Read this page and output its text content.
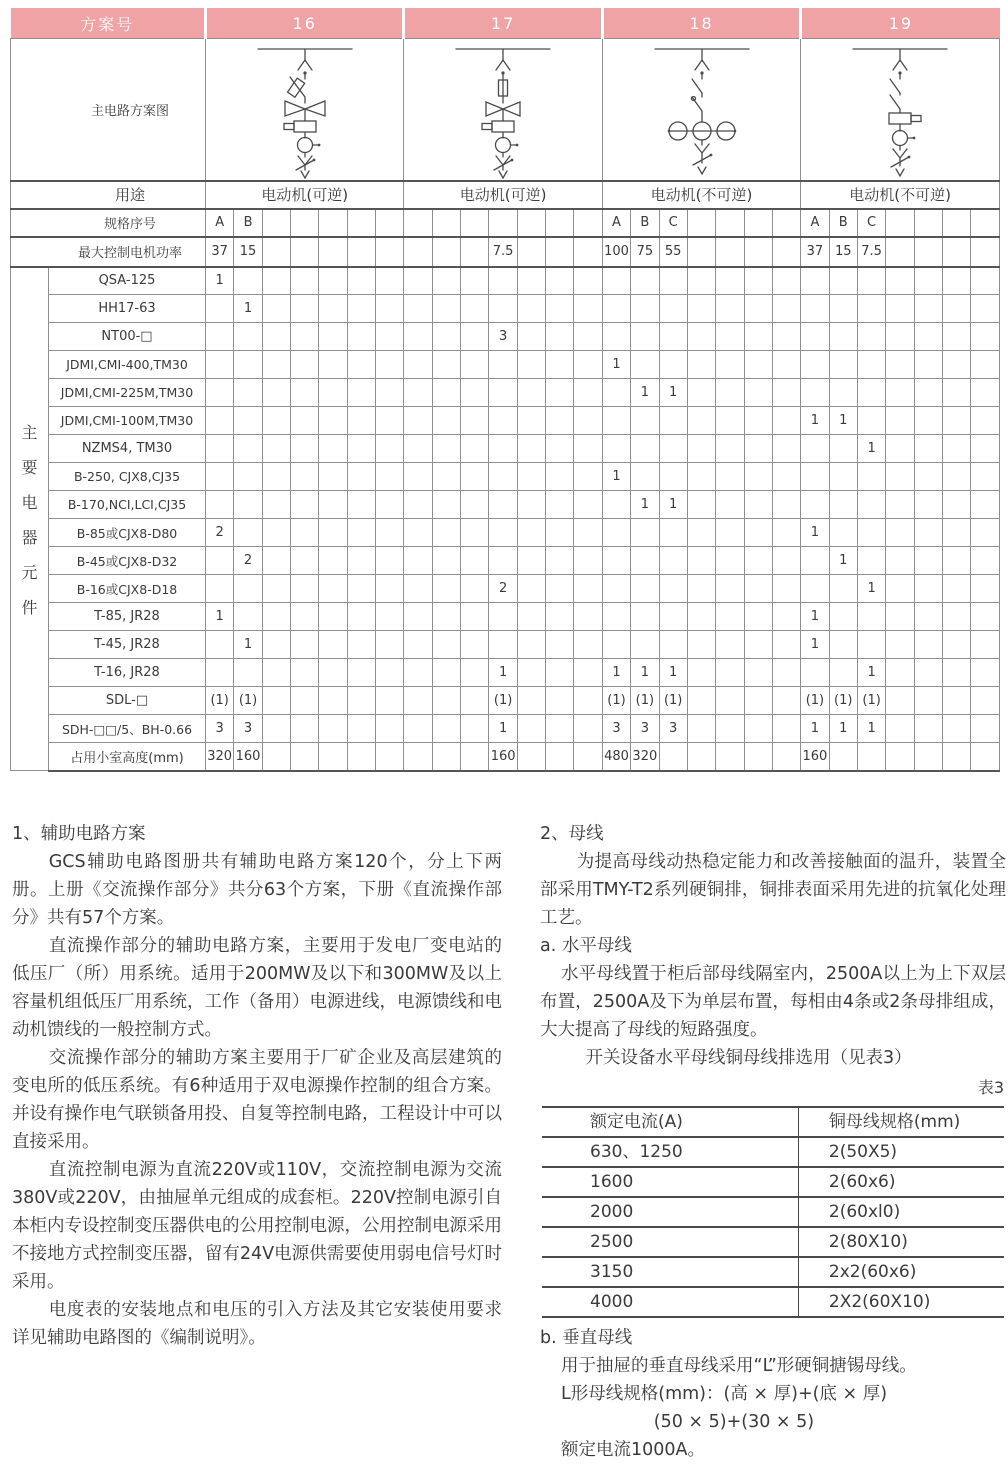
方案号		16							17							18							19						
主电路方案图	

用途		电动机(可逆)							电动机(可逆)							电动机(不可逆)							电动机(不可逆)						
规格序号		A	B													A	B	C					A	B	C				
最大控制电机功率		37	15									7.5				100	75	55					37	15	7.5				

主
要
电
器
元
件
	QSA-125	1																											
	HH17-63		1																										
	NT00-□											3																	
	JDMI,CMI-400,TM30															1													
	JDMI,CMI-225M,TM30																1	1											
	JDMI,CMI-100M,TM30																						1	1					
	NZMS4, TM30																								1				
	B-250, CJX8,CJ35															1													
	B-170,NCI,LCI,CJ35																1	1											
	B-85或CJX8-D80	2																					1						
	B-45或CJX8-D32		2																					1					
	B-16或CJX8-D18											2													1				
	T-85, JR28	1																					1						
	T-45, JR28		1																				1						
	T-16, JR28											1				1	1	1							1				
	SDL-□	(1)	(1)									(1)				(1)	(1)	(1)					(1)	(1)	(1)				
	SDH-□□/5、BH-0.66	3	3									1				3	3	3					1	1	1				
	占用小室高度(mm)	320	160									160				480	320						160						

1、辅助电路方案

GCS辅助电路图册共有辅助电路方案120个，分上下两册。上册《交流操作部分》共分63个方案，下册《直流操作部分》共有57个方案。

直流操作部分的辅助电路方案，主要用于发电厂变电站的低压厂（所）用系统。适用于200MW及以下和300MW及以上容量机组低压厂用系统，工作（备用）电源进线，电源馈线和电动机馈线的一般控制方式。

交流操作部分的辅助方案主要用于厂矿企业及高层建筑的变电所的低压系统。有6种适用于双电源操作控制的组合方案。并设有操作电气联锁备用投、自复等控制电路，工程设计中可以直接采用。

直流控制电源为直流220V或110V，交流控制电源为交流380V或220V，由抽屉单元组成的成套柜。220V控制电源引自本柜内专设控制变压器供电的公用控制电源，公用控制电源采用不接地方式控制变压器，留有24V电源供需要使用弱电信号灯时采用。

电度表的安装地点和电压的引入方法及其它安装使用要求详见辅助电路图的《编制说明》。

2、母线

为提高母线动热稳定能力和改善接触面的温升，装置全部采用TMY-T2系列硬铜排，铜排表面采用先进的抗氧化处理工艺。

a. 水平母线

水平母线置于柜后部母线隔室内，2500A以上为上下双层布置，2500A及下为单层布置，每相由4条或2条母排组成，大大提高了母线的短路强度。

开关设备水平母线铜母线排选用（见表3）

表3
额定电流(A)	铜母线规格(mm)
630、1250	2(50X5)
1600	2(60x6)
2000	2(60xl0)
2500	2(80X10)
3150	2x2(60x6)
4000	2X2(60X10)

b. 垂直母线

用于抽屉的垂直母线采用“L”形硬铜搪锡母线。

L形母线规格(mm)：(高 × 厚)+(底 × 厚)

(50 × 5)+(30 × 5)

额定电流1000A。
